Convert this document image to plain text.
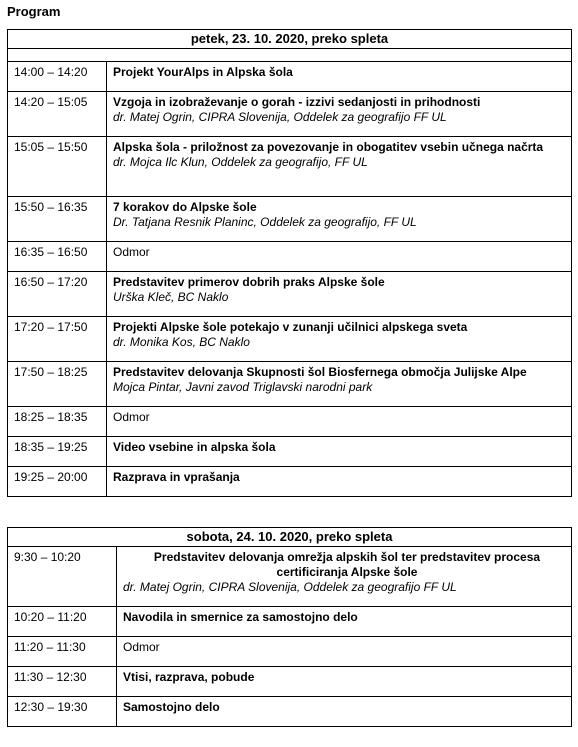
Program
petek, 23. 10. 2020, preko spleta	

14:00 – 14:20	Projekt YourAlps in Alpska šola

14:20 – 15:05	Vzgoja in izobraževanje o gorah - izzivi sedanjosti in prihodnosti
dr. Matej Ogrin, CIPRA Slovenija, Oddelek za geografijo FF UL

15:05 – 15:50	Alpska šola - priložnost za povezovanje in obogatitev vsebin učnega načrta
dr. Mojca Ilc Klun, Oddelek za geografijo, FF UL

15:50 – 16:35	7 korakov do Alpske šole
Dr. Tatjana Resnik Planinc, Oddelek za geografijo, FF UL

16:35 – 16:50	Odmor

16:50 – 17:20	Predstavitev primerov dobrih praks Alpske šole
Urška Kleč, BC Naklo

17:20 – 17:50	Projekti Alpske šole potekajo v zunanji učilnici alpskega sveta
dr. Monika Kos, BC Naklo

17:50 – 18:25	Predstavitev delovanja Skupnosti šol Biosfernega območja Julijske Alpe
Mojca Pintar, Javni zavod Triglavski narodni park

18:25 – 18:35	Odmor

18:35 – 19:25	Video vsebine in alpska šola

19:25 – 20:00	Razprava in vprašanja
sobota, 24. 10. 2020, preko spleta	
9:30 – 10:20	Predstavitev delovanja omrežja alpskih šol ter predstavitev procesa certificiranja Alpske šole
dr. Matej Ogrin, CIPRA Slovenija, Oddelek za geografijo FF UL

10:20 – 11:20	Navodila in smernice za samostojno delo

11:20 – 11:30	Odmor

11:30 – 12:30	Vtisi, razprava, pobude

12:30 – 19:30	Samostojno delo
